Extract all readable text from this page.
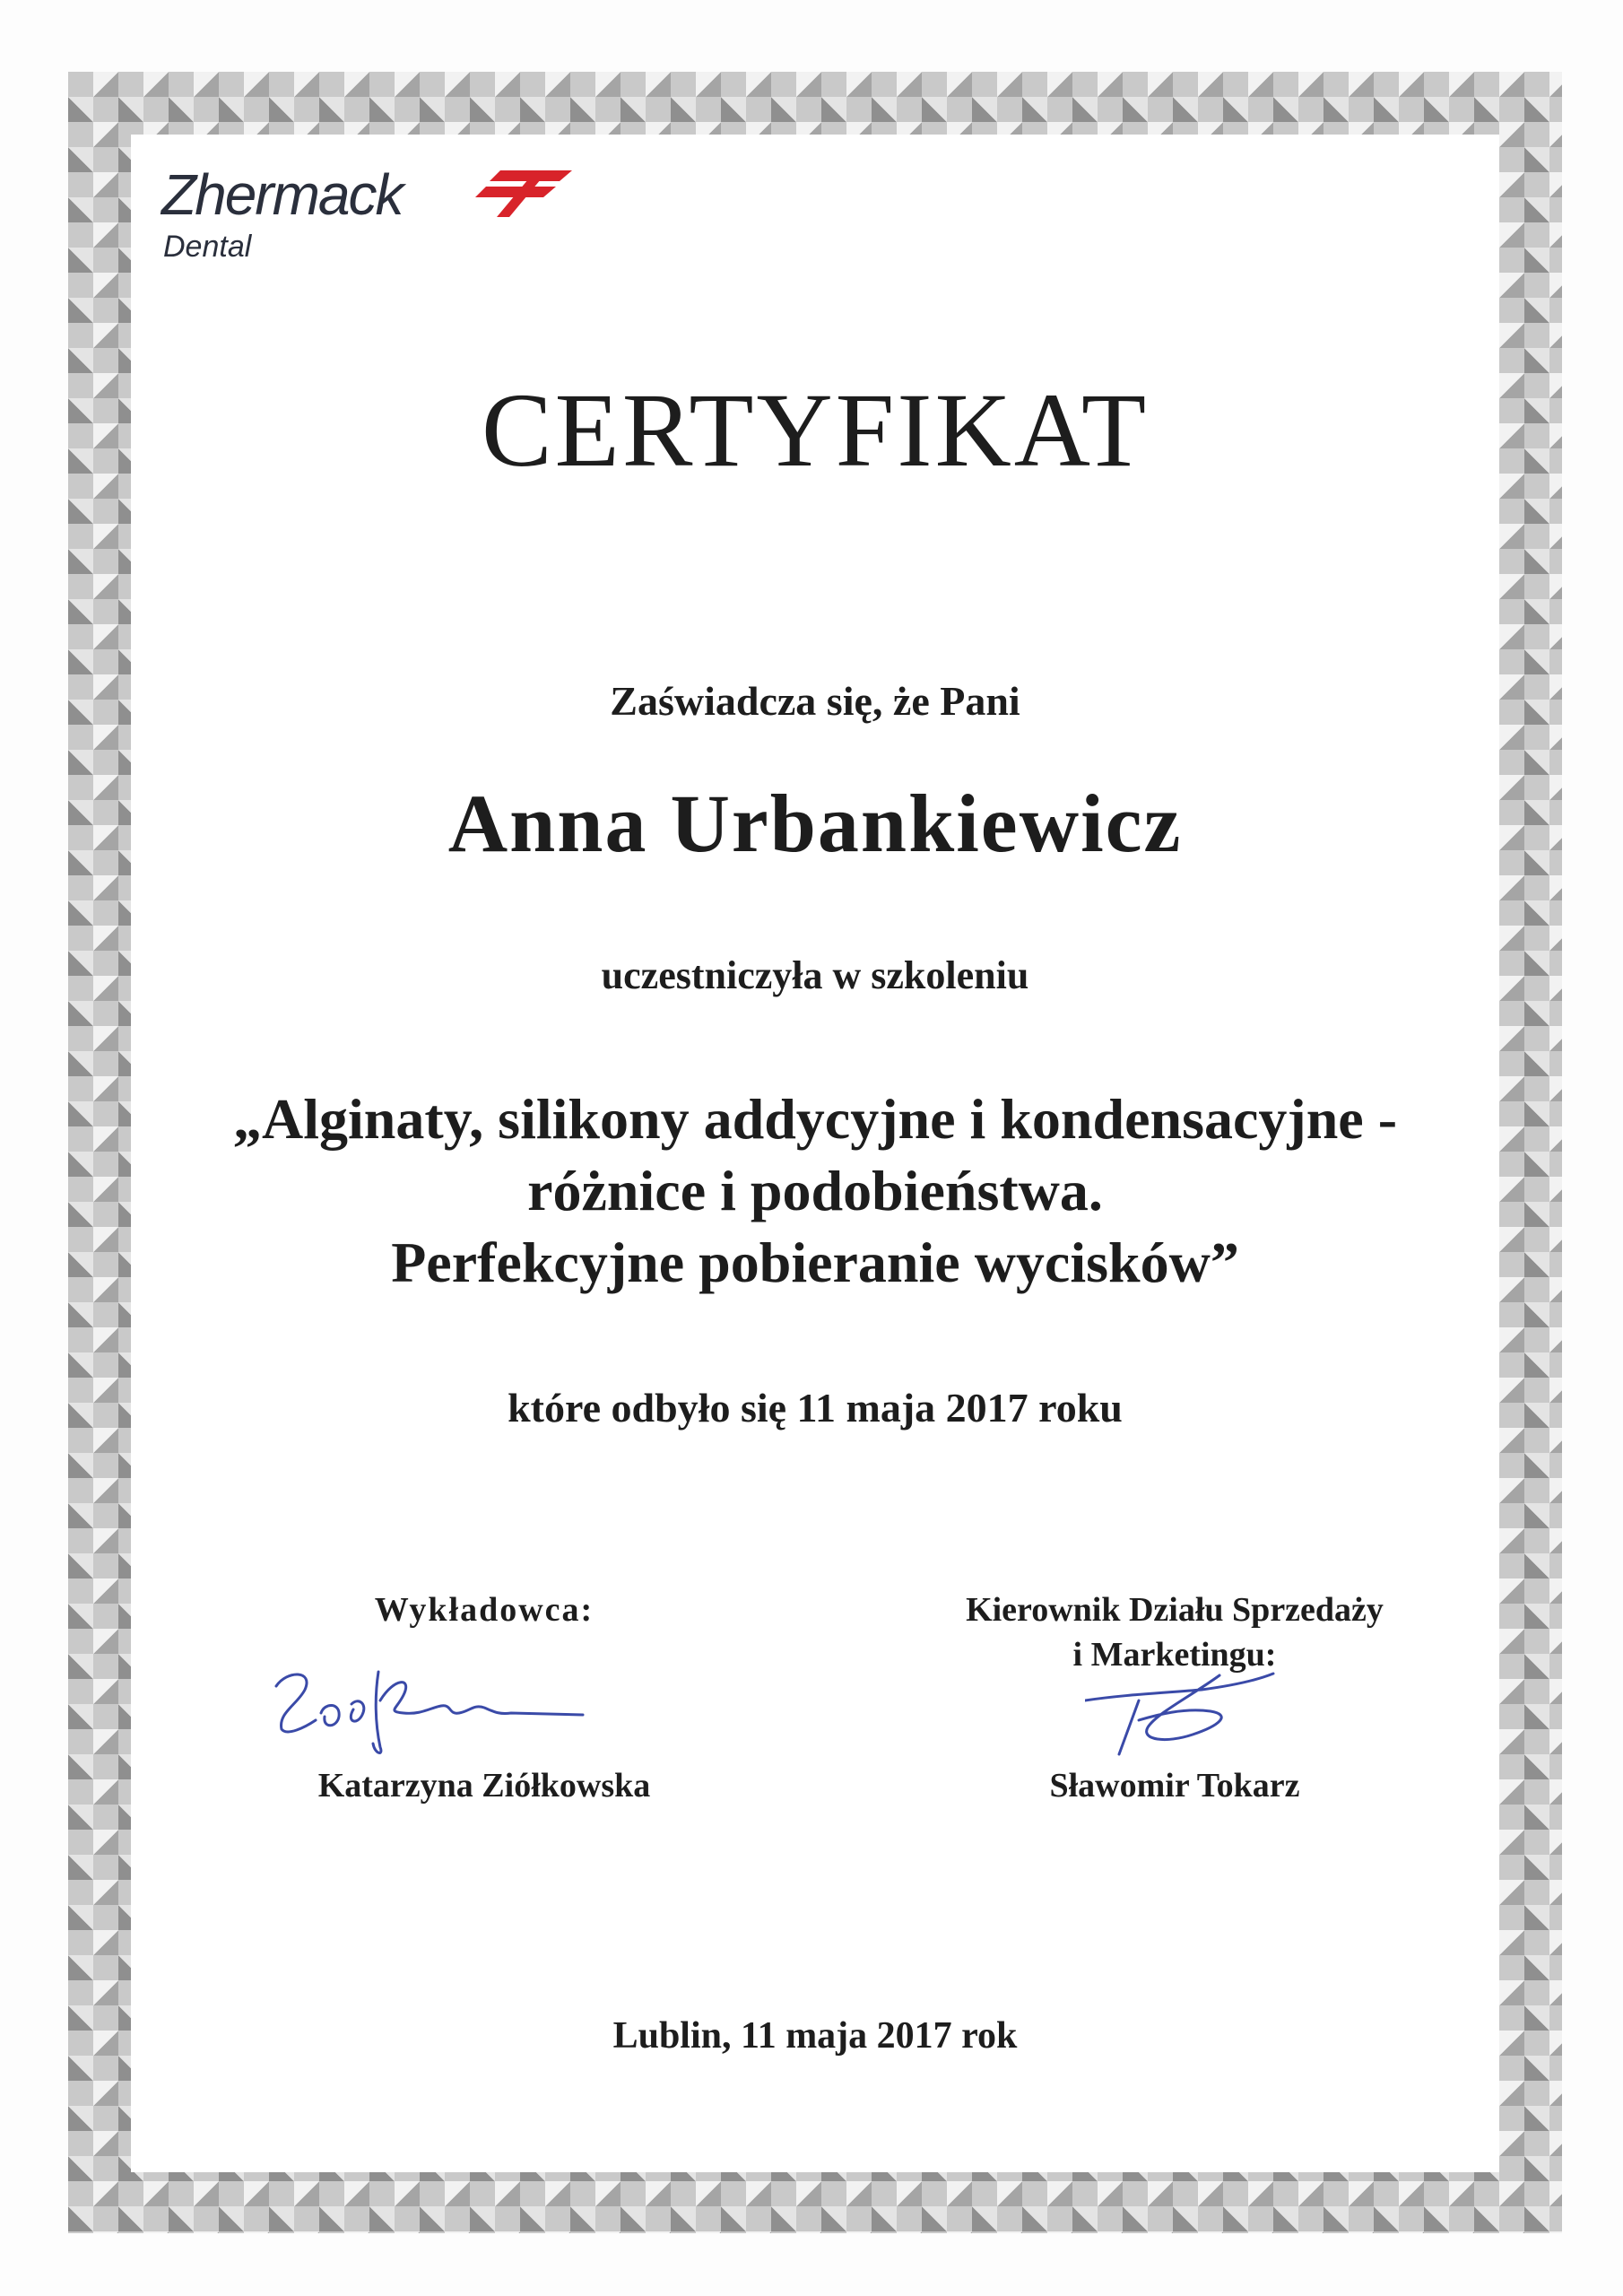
Zhermack
Dental
CERTYFIKAT
Zaświadcza się, że Pani
Anna Urbankiewicz
uczestniczyła w szkoleniu
„Alginaty, silikony addycyjne i kondensacyjne -
różnice i podobieństwa.
Perfekcyjne pobieranie wycisków”
które odbyło się 11 maja 2017 roku
Wykładowca:
Katarzyna Ziółkowska
Kierownik Działu Sprzedaży
i Marketingu:
Sławomir Tokarz
Lublin, 11 maja 2017 rok
